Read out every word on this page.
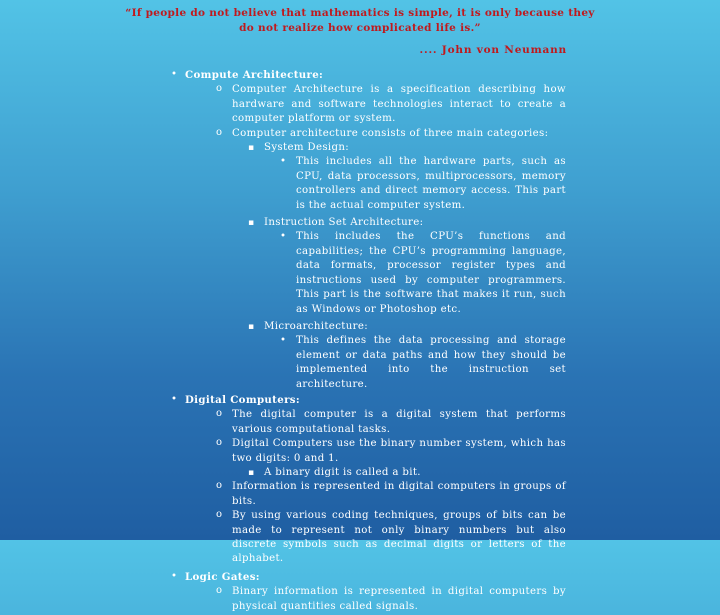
“If people do not believe that mathematics is simple, it is only because they do not realize how complicated life is.”
.... John von Neumann
• Compute Architecture:
o Computer Architecture is a specification describing how hardware and software technologies interact to create a computer platform or system.
o Computer architecture consists of three main categories:
▪ System Design:
• This includes all the hardware parts, such as CPU, data processors, multiprocessors, memory controllers and direct memory access. This part is the actual computer system.
▪ Instruction Set Architecture:
• This includes the CPU’s functions and capabilities; the CPU’s programming language, data formats, processor register types and instructions used by computer programmers. This part is the software that makes it run, such as Windows or Photoshop etc.
▪ Microarchitecture:
• This defines the data processing and storage element or data paths and how they should be implemented into the instruction set architecture.
• Digital Computers:
o The digital computer is a digital system that performs various computational tasks.
o Digital Computers use the binary number system, which has two digits: 0 and 1.
▪ A binary digit is called a bit.
o Information is represented in digital computers in groups of bits.
o By using various coding techniques, groups of bits can be made to represent not only binary numbers but also discrete symbols such as decimal digits or letters of the alphabet.
• Logic Gates:
o Binary information is represented in digital computers by physical quantities called signals.
